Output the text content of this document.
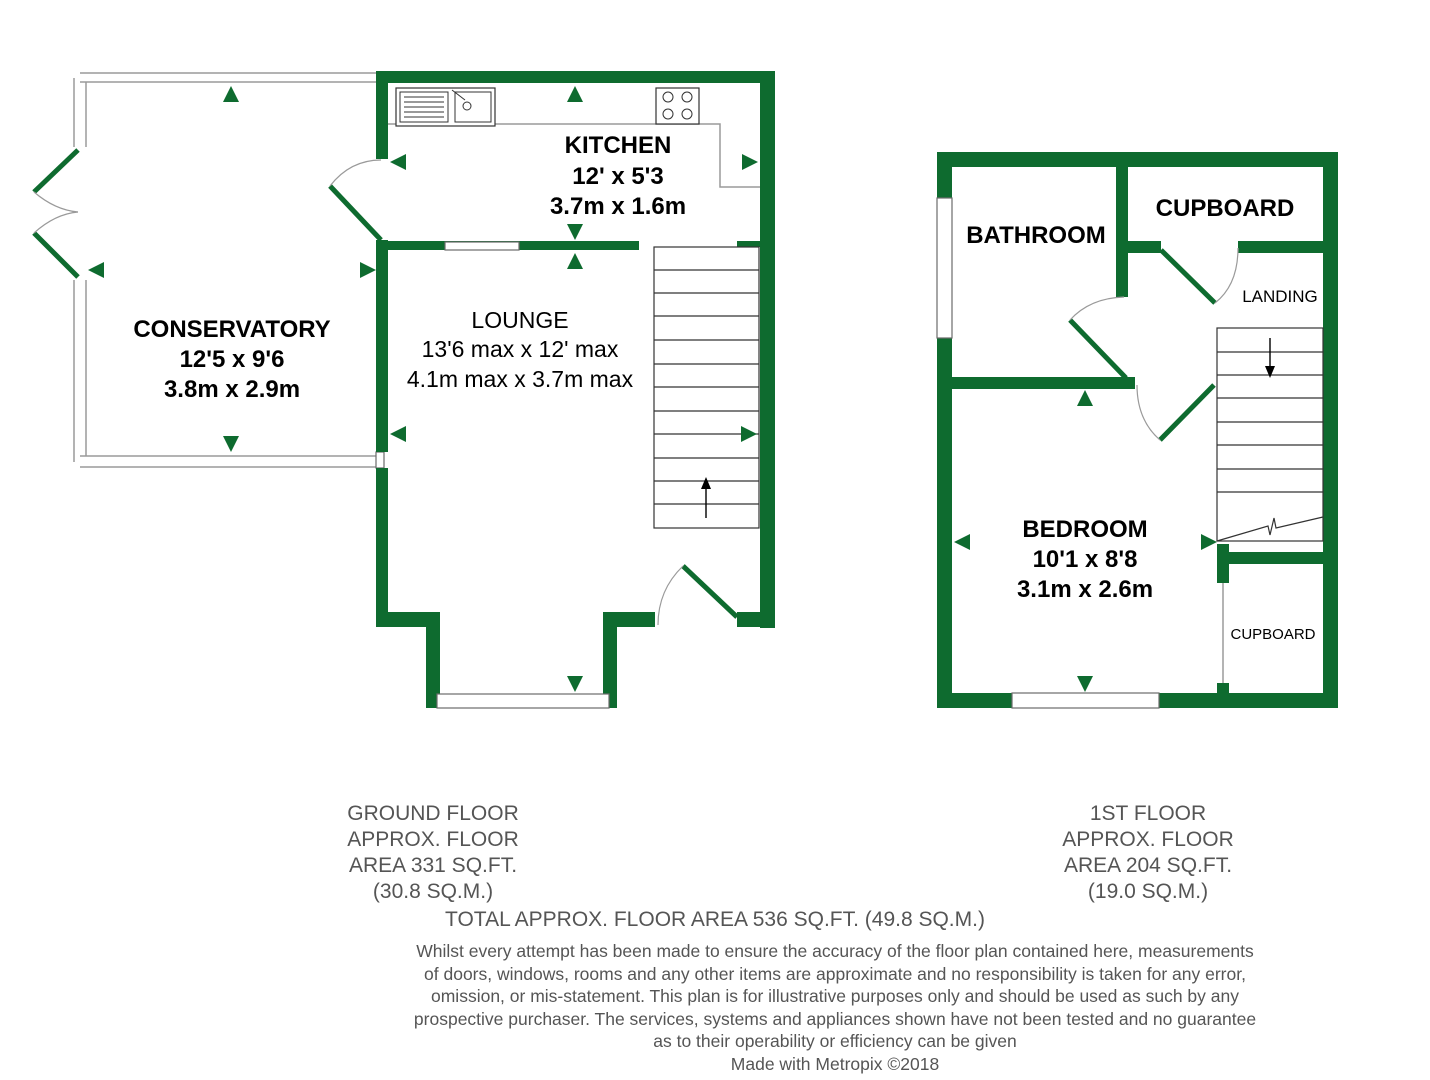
KITCHEN
12' x 5'3
3.7m x 1.6m
CONSERVATORY
12'5 x 9'6
3.8m x 2.9m
LOUNGE
13'6 max x 12' max
4.1m max x 3.7m max
BATHROOM
CUPBOARD
LANDING
BEDROOM
10'1 x 8'8
3.1m x 2.6m
CUPBOARD
GROUND FLOOR
APPROX. FLOOR
AREA 331 SQ.FT.
(30.8 SQ.M.)
1ST FLOOR
APPROX. FLOOR
AREA 204 SQ.FT.
(19.0 SQ.M.)
TOTAL APPROX. FLOOR AREA 536 SQ.FT. (49.8 SQ.M.)
Whilst every attempt has been made to ensure the accuracy of the floor plan contained here, measurements
of doors, windows, rooms and any other items are approximate and no responsibility is taken for any error,
omission, or mis-statement. This plan is for illustrative purposes only and should be used as such by any
prospective purchaser. The services, systems and appliances shown have not been tested and no guarantee
as to their operability or efficiency can be given
Made with Metropix ©2018
